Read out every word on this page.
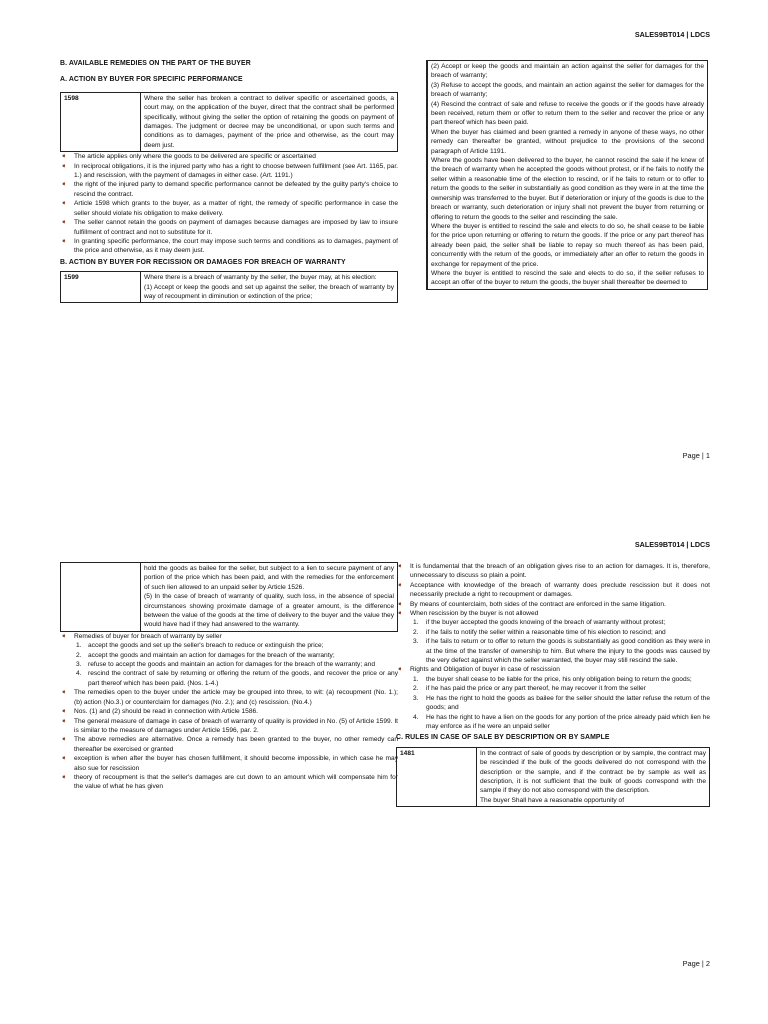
SALES9BT014 | LDCS
B. AVAILABLE REMEDIES ON THE PART OF THE BUYER
A. ACTION BY BUYER FOR SPECIFIC PERFORMANCE
1598	Where the seller has broken a contract to deliver specific or ascertained goods, a court may, on the application of the buyer, direct that the contract shall be performed specifically, without giving the seller the option of retaining the goods on payment of damages. The judgment or decree may be unconditional, or upon such terms and conditions as to damages, payment of the price and otherwise, as the court may deem just.
➧ The article applies only where the goods to be delivered are specific or ascertained
➧ In reciprocal obligations, it is the injured party who has a right to choose between fulfillment (see Art. 1165, par. 1.) and rescission, with the payment of damages in either case. (Art. 1191.)
➧ the right of the injured party to demand specific performance cannot be defeated by the guilty party's choice to rescind the contract.
➧ Article 1598 which grants to the buyer, as a matter of right, the remedy of specific performance in case the seller should violate his obligation to make delivery.
➧ The seller cannot retain the goods on payment of damages because damages are imposed by law to insure fulfillment of contract and not to substitute for it.
➧ In granting specific performance, the court may impose such terms and conditions as to damages, payment of the price and otherwise, as it may deem just.
B. ACTION BY BUYER FOR RECISSION OR DAMAGES FOR BREACH OF WARRANTY
1599	Where there is a breach of warranty by the seller, the buyer may, at his election:
(1) Accept or keep the goods and set up against the seller, the breach of warranty by way of recoupment in diminution or extinction of the price;

(2) Accept or keep the goods and maintain an action against the seller for damages for the breach of warranty;
(3) Refuse to accept the goods, and maintain an action against the seller for damages for the breach of warranty;
(4) Rescind the contract of sale and refuse to receive the goods or if the goods have already been received, return them or offer to return them to the seller and recover the price or any part thereof which has been paid.
When the buyer has claimed and been granted a remedy in anyone of these ways, no other remedy can thereafter be granted, without prejudice to the provisions of the second paragraph of Article 1191.
Where the goods have been delivered to the buyer, he cannot rescind the sale if he knew of the breach of warranty when he accepted the goods without protest, or if he fails to notify the seller within a reasonable time of the election to rescind, or if he fails to return or to offer to return the goods to the seller in substantially as good condition as they were in at the time the ownership was transferred to the buyer. But if deterioration or injury of the goods is due to the breach or warranty, such deterioration or injury shall not prevent the buyer from returning or offering to return the goods to the seller and rescinding the sale.
Where the buyer is entitled to rescind the sale and elects to do so, he shall cease to be liable for the price upon returning or offering to return the goods. If the price or any part thereof has already been paid, the seller shall be liable to repay so much thereof as has been paid, concurrently with the return of the goods, or immediately after an offer to return the goods in exchange for repayment of the price.
Where the buyer is entitled to rescind the sale and elects to do so, if the seller refuses to accept an offer of the buyer to return the goods, the buyer shall thereafter be deemed to
Page | 1
SALES9BT014 | LDCS

hold the goods as bailee for the seller, but subject to a lien to secure payment of any portion of the price which has been paid, and with the remedies for the enforcement of such lien allowed to an unpaid seller by Article 1526.
(5) In the case of breach of warranty of quality, such loss, in the absence of special circumstances showing proximate damage of a greater amount, is the difference between the value of the goods at the time of delivery to the buyer and the value they would have had if they had answered to the warranty.
➧ Remedies of buyer for breach of warranty by seller
1. accept the goods and set up the seller's breach to reduce or extinguish the price;
2. accept the goods and maintain an action for damages for the breach of the warranty;
3. refuse to accept the goods and maintain an action for damages for the breach of the warranty; and
4. rescind the contract of sale by returning or offering the return of the goods, and recover the price or any part thereof which has been paid. (Nos. 1-4.)
➧ The remedies open to the buyer under the article may be grouped into three, to wit: (a) recoupment (No. 1.); (b) action (No.3.) or counterclaim for damages (No. 2.); and (c) rescission. (No.4.)
➧ Nos. (1) and (2) should be read in connection with Article 1586.
➧ The general measure of damage in case of breach of warranty of quality is provided in No. (5) of Article 1599. It is similar to the measure of damages under Article 1596, par. 2.
➧ The above remedies are alternative. Once a remedy has been granted to the buyer, no other remedy can thereafter be exercised or granted
➧ exception is when after the buyer has chosen fulfillment, it should become impossible, in which case he may also sue for rescission
➧ theory of recoupment is that the seller's damages are cut down to an amount which will compensate him for the value of what he has given
➧ It is fundamental that the breach of an obligation gives rise to an action for damages. It is, therefore, unnecessary to discuss so plain a point.
➧ Acceptance with knowledge of the breach of warranty does preclude rescission but it does not necessarily preclude a right to recoupment or damages.
➧ By means of counterclaim, both sides of the contract are enforced in the same litigation.
➧ When rescission by the buyer is not allowed
1. if the buyer accepted the goods knowing of the breach of warranty without protest;
2. if he fails to notify the seller within a reasonable time of his election to rescind; and
3. if he fails to return or to offer to return the goods is substantially as good condition as they were in at the time of the transfer of ownership to him. But where the injury to the goods was caused by the very defect against which the seller warranted, the buyer may still rescind the sale.
➧ Rights and Obligation of buyer in case of rescission
1. the buyer shall cease to be liable for the price, his only obligation being to return the goods;
2. if he has paid the price or any part thereof, he may recover it from the seller
3. He has the right to hold the goods as bailee for the seller should the latter refuse the return of the goods; and
4. He has the right to have a lien on the goods for any portion of the price already paid which lien he may enforce as if he were an unpaid seller
C. RULES IN CASE OF SALE BY DESCRIPTION OR BY SAMPLE
1481	In the contract of sale of goods by description or by sample, the contract may be rescinded if the bulk of the goods delivered do not correspond with the description or the sample, and if the contract be by sample as well as description, it is not sufficient that the bulk of goods correspond with the sample if they do not also correspond with the description.
The buyer Shall have a reasonable opportunity of
Page | 2
